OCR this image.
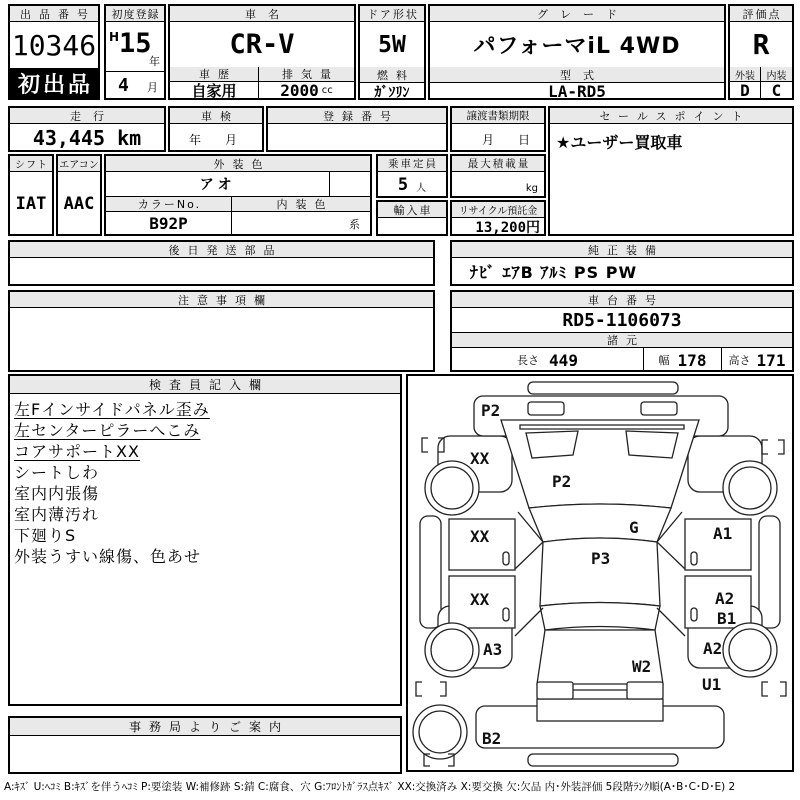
出品番号
10346
初出品
初度登録
H 15
年
4 月
車名
CR-V
車歴	排気量
自家用	2000 cc
ドア形状
5W
燃料
ｶﾞｿﾘﾝ
グレード
パフォーマiL 4WD
型式
LA-RD5
評価点
R
外装	内装
D	C
走行
43,445 km
車検
年　月
登録番号	譲渡書類期限
月　日
セールスポイント
★ユーザー買取車
シフト
IAT
エアコン
AAC
外装色
アオ
カラーNo.	内装色
B92P	系
乗車定員
5 人
最大積載量
kg
輸入車	リサイクル預託金
13,200円
後日発送部品	純正装備
ﾅﾋﾞ ｴｱB ｱﾙﾐ PS PW
注意事項欄	車台番号
RD5-1106073
諸元
長さ 449	幅 178 高さ 171
検査員記入欄
左Fインサイドパネル歪み
左センターピラーへこみ
コアサポートXX
シートしわ
室内内張傷
室内薄汚れ
下廻りS
外装うすい線傷、色あせ
事務局よりご案内
P2
XX
P2
G
XX	A1
P3
XX	A2
B1
A3	A2
W2
U1
B2
A:ｷｽﾞ U:ﾍｺﾐ B:ｷｽﾞを伴うﾍｺﾐ P:要塗装 W:補修跡 S:錆 C:腐食、穴 G:ﾌﾛﾝﾄｶﾞﾗｽ点ｷｽﾞ XX:交換済み X:要交換 欠:欠品 内･外装評価 5段階ﾗﾝｸ順(A･B･C･D･E) 2
